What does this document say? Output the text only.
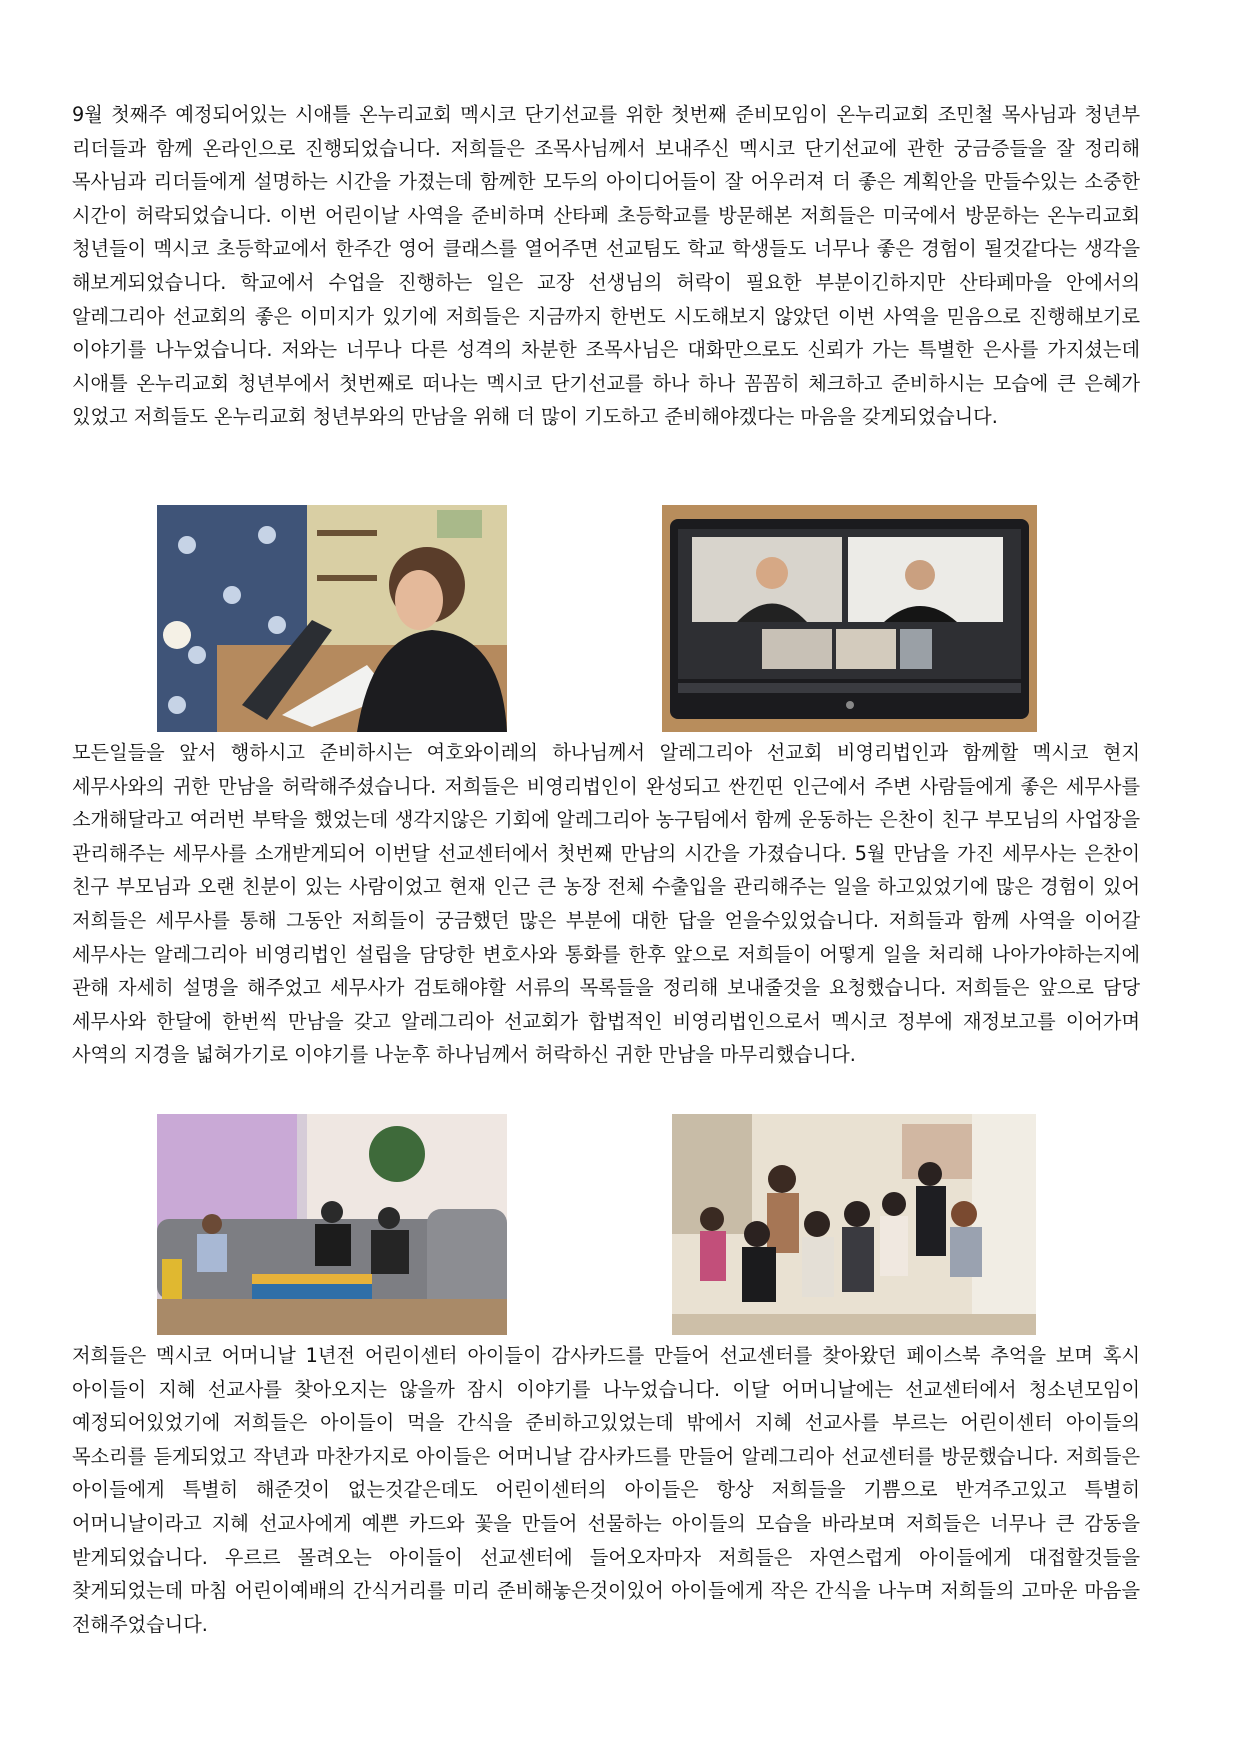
9월 첫째주 예정되어있는 시애틀 온누리교회 멕시코 단기선교를 위한 첫번째 준비모임이 온누리교회 조민철 목사님과 청년부 리더들과 함께 온라인으로 진행되었습니다. 저희들은 조목사님께서 보내주신 멕시코 단기선교에 관한 궁금증들을 잘 정리해 목사님과 리더들에게 설명하는 시간을 가졌는데 함께한 모두의 아이디어들이 잘 어우러져 더 좋은 계획안을 만들수있는 소중한 시간이 허락되었습니다. 이번 어린이날 사역을 준비하며 산타페 초등학교를 방문해본 저희들은 미국에서 방문하는 온누리교회 청년들이 멕시코 초등학교에서 한주간 영어 클래스를 열어주면 선교팀도 학교 학생들도 너무나 좋은 경험이 될것같다는 생각을 해보게되었습니다. 학교에서 수업을 진행하는 일은 교장 선생님의 허락이 필요한 부분이긴하지만 산타페마을 안에서의 알레그리아 선교회의 좋은 이미지가 있기에 저희들은 지금까지 한번도 시도해보지 않았던 이번 사역을 믿음으로 진행해보기로 이야기를 나누었습니다. 저와는 너무나 다른 성격의 차분한 조목사님은 대화만으로도 신뢰가 가는 특별한 은사를 가지셨는데 시애틀 온누리교회 청년부에서 첫번째로 떠나는 멕시코 단기선교를 하나 하나 꼼꼼히 체크하고 준비하시는 모습에 큰 은혜가 있었고 저희들도 온누리교회 청년부와의 만남을 위해 더 많이 기도하고 준비해야겠다는 마음을 갖게되었습니다.

모든일들을 앞서 행하시고 준비하시는 여호와이레의 하나님께서 알레그리아 선교회 비영리법인과 함께할 멕시코 현지 세무사와의 귀한 만남을 허락해주셨습니다. 저희들은 비영리법인이 완성되고 싼낀띤 인근에서 주변 사람들에게 좋은 세무사를 소개해달라고 여러번 부탁을 했었는데 생각지않은 기회에 알레그리아 농구팀에서 함께 운동하는 은찬이 친구 부모님의 사업장을 관리해주는 세무사를 소개받게되어 이번달 선교센터에서 첫번째 만남의 시간을 가졌습니다. 5월 만남을 가진 세무사는 은찬이 친구 부모님과 오랜 친분이 있는 사람이었고 현재 인근 큰 농장 전체 수출입을 관리해주는 일을 하고있었기에 많은 경험이 있어 저희들은 세무사를 통해 그동안 저희들이 궁금했던 많은 부분에 대한 답을 얻을수있었습니다. 저희들과 함께 사역을 이어갈 세무사는 알레그리아 비영리법인 설립을 담당한 변호사와 통화를 한후 앞으로 저희들이 어떻게 일을 처리해 나아가야하는지에 관해 자세히 설명을 해주었고 세무사가 검토해야할 서류의 목록들을 정리해 보내줄것을 요청했습니다. 저희들은 앞으로 담당 세무사와 한달에 한번씩 만남을 갖고 알레그리아 선교회가 합법적인 비영리법인으로서 멕시코 정부에 재정보고를 이어가며 사역의 지경을 넓혀가기로 이야기를 나눈후 하나님께서 허락하신 귀한 만남을 마무리했습니다.

저희들은 멕시코 어머니날 1년전 어린이센터 아이들이 감사카드를 만들어 선교센터를 찾아왔던 페이스북 추억을 보며 혹시 아이들이 지혜 선교사를 찾아오지는 않을까 잠시 이야기를 나누었습니다. 이달 어머니날에는 선교센터에서 청소년모임이 예정되어있었기에 저희들은 아이들이 먹을 간식을 준비하고있었는데 밖에서 지혜 선교사를 부르는 어린이센터 아이들의 목소리를 듣게되었고 작년과 마찬가지로 아이들은 어머니날 감사카드를 만들어 알레그리아 선교센터를 방문했습니다. 저희들은 아이들에게 특별히 해준것이 없는것같은데도 어린이센터의 아이들은 항상 저희들을 기쁨으로 반겨주고있고 특별히 어머니날이라고 지혜 선교사에게 예쁜 카드와 꽃을 만들어 선물하는 아이들의 모습을 바라보며 저희들은 너무나 큰 감동을 받게되었습니다. 우르르 몰려오는 아이들이 선교센터에 들어오자마자 저희들은 자연스럽게 아이들에게 대접할것들을 찾게되었는데 마침 어린이예배의 간식거리를 미리 준비해놓은것이있어 아이들에게 작은 간식을 나누며 저희들의 고마운 마음을 전해주었습니다.
